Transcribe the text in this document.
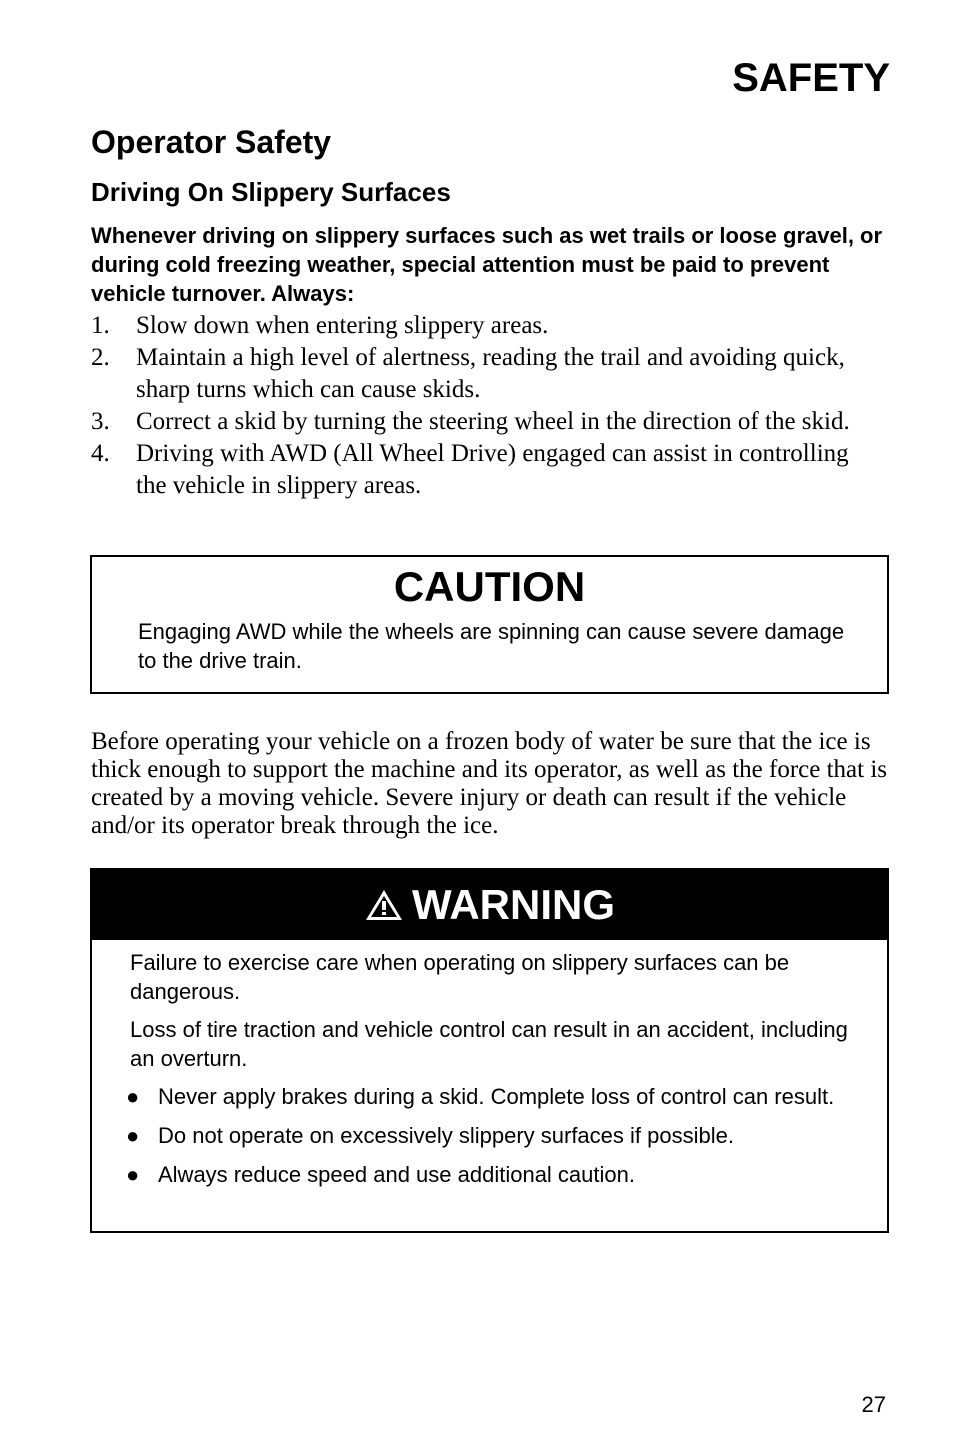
SAFETY
Operator Safety
Driving On Slippery Surfaces
Whenever driving on slippery surfaces such as wet trails or loose gravel, or during cold freezing weather, special attention must be paid to prevent vehicle turnover. Always:
1. Slow down when entering slippery areas.
2. Maintain a high level of alertness, reading the trail and avoiding quick, sharp turns which can cause skids.
3. Correct a skid by turning the steering wheel in the direction of the skid.
4. Driving with AWD (All Wheel Drive) engaged can assist in controlling the vehicle in slippery areas.
CAUTION

Engaging AWD while the wheels are spinning can cause severe damage to the drive train.

Before operating your vehicle on a frozen body of water be sure that the ice is thick enough to support the machine and its operator, as well as the force that is created by a moving vehicle. Severe injury or death can result if the vehicle and/or its operator break through the ice.
WARNING

Failure to exercise care when operating on slippery surfaces can be dangerous.

Loss of tire traction and vehicle control can result in an accident, including an overturn.

● Never apply brakes during a skid. Complete loss of control can result.
● Do not operate on excessively slippery surfaces if possible.
● Always reduce speed and use additional caution.
27
